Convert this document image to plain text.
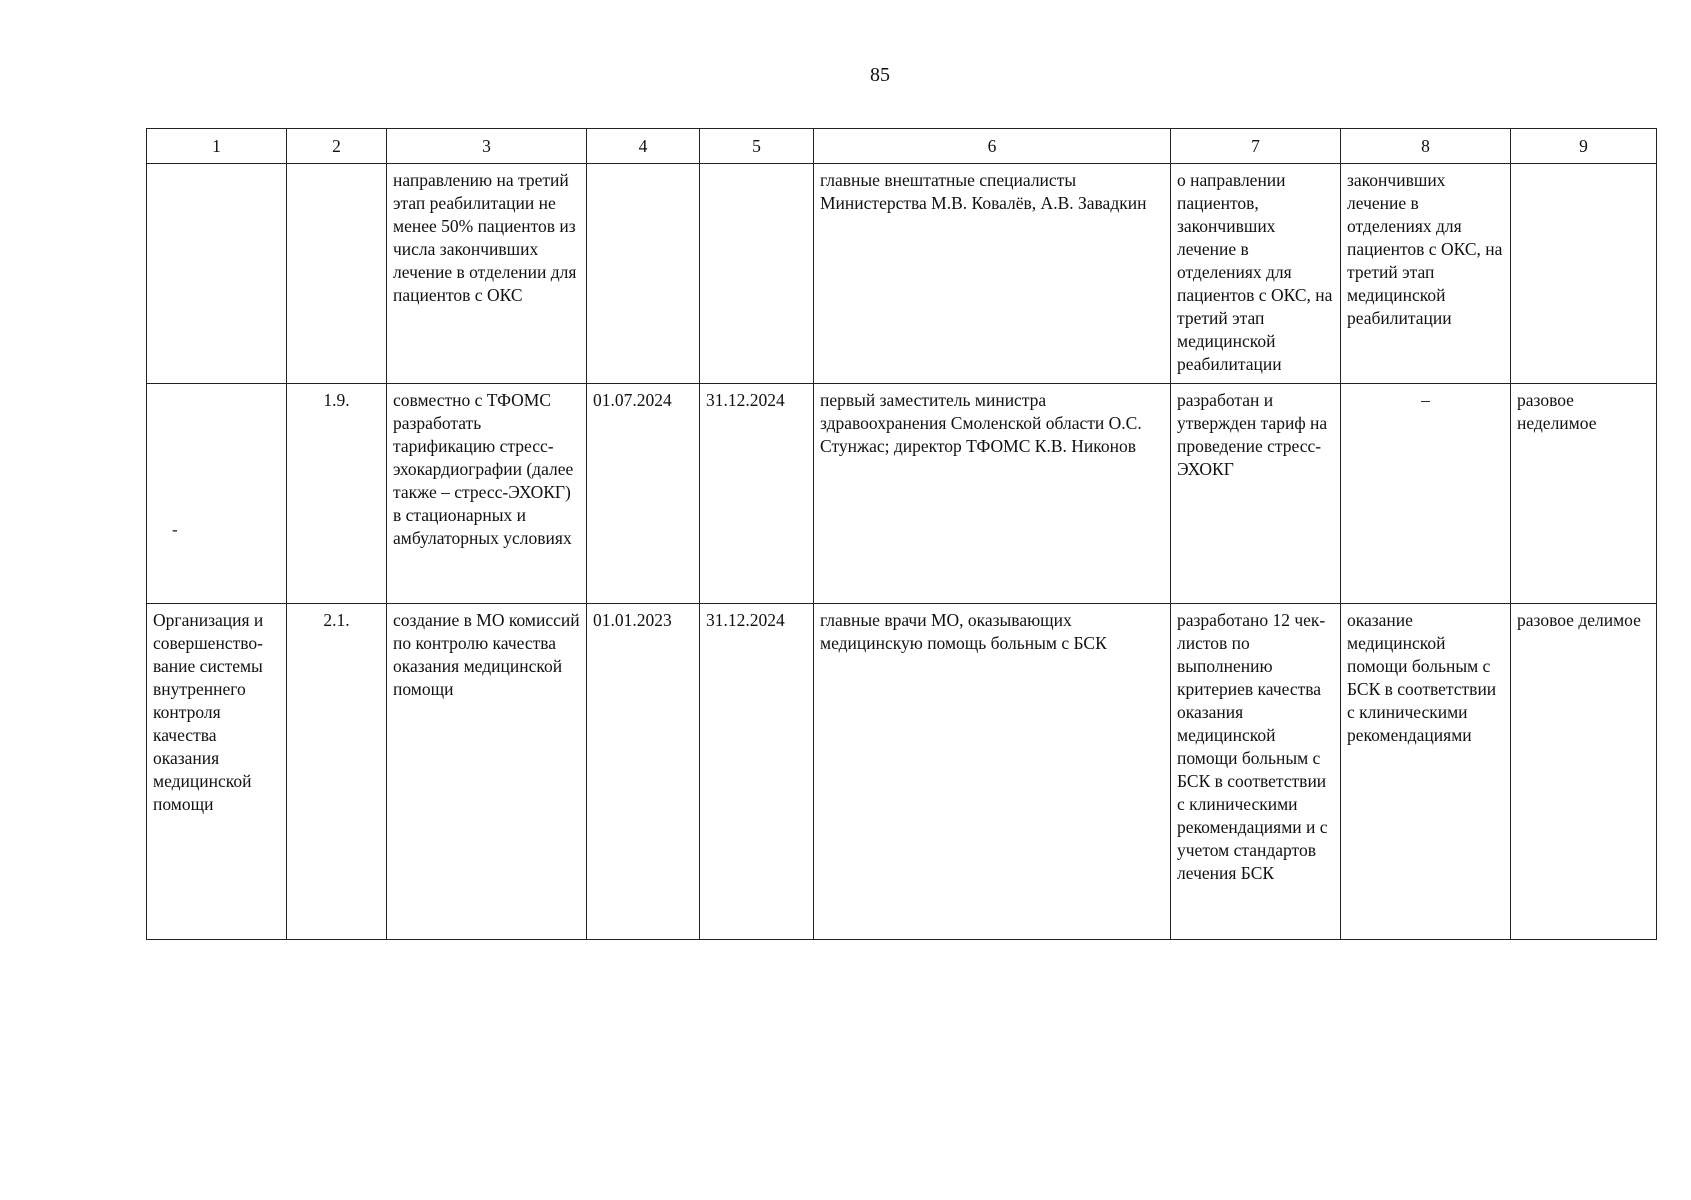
85
1	2	3	4	5	6	7	8	9
		направлению на третий этап реабилитации не менее 50% пациентов из числа закончивших лечение в отделении для пациентов с ОКС			главные внештатные специалисты Министерства М.В. Ковалёв, А.В. Завадкин	о направлении пациентов, закончивших лечение в отделениях для пациентов с ОКС, на третий этап медицинской реабилитации	закончивших лечение в отделениях для пациентов с ОКС, на третий этап медицинской реабилитации	
	1.9.	совместно с ТФОМС разработать тарификацию стресс-эхокардиографии (далее также – стресс-ЭХОКГ) в стационарных и амбулаторных условиях	01.07.2024	31.12.2024	первый заместитель министра здравоохранения Смоленской области О.С. Стунжас; директор ТФОМС К.В. Никонов	разработан и утвержден тариф на проведение стресс-ЭХОКГ	–	разовое неделимое
Организация и совершенство-вание системы внутреннего контроля качества оказания медицинской помощи	2.1.	создание в МО комиссий по контролю качества оказания медицинской помощи	01.01.2023	31.12.2024	главные врачи МО, оказывающих медицинскую помощь больным с БСК	разработано 12 чек-листов по выполнению критериев качества оказания медицинской помощи больным с БСК в соответствии с клиническими рекомендациями и с учетом стандартов лечения БСК	оказание медицинской помощи больным с БСК в соответствии с клиническими рекомендациями	разовое делимое
-
